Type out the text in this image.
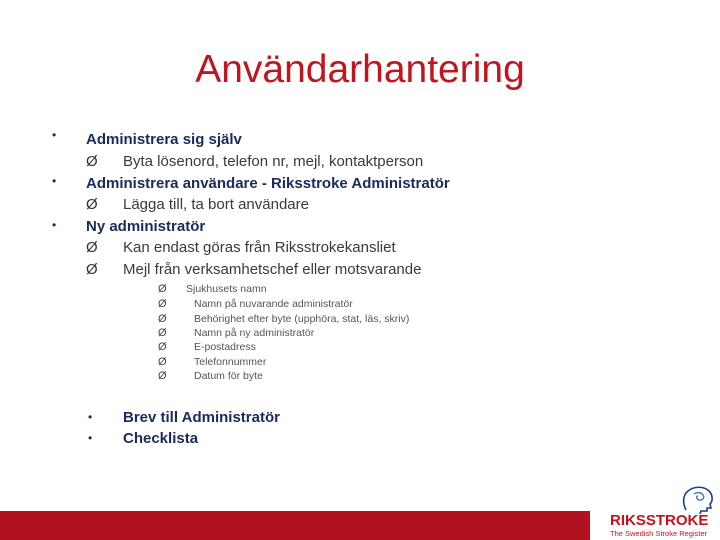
Användarhantering
•	Administrera sig själv
Ø Byta lösenord, telefon nr, mejl, kontaktperson
•	Administrera användare - Riksstroke Administratör
Ø Lägga till, ta bort användare
•	Ny administratör
Ø Kan endast göras från Riksstrokekansliet
Ø Mejl från verksamhetschef eller motsvarande
Ø Sjukhusets namn
Ø	Namn på nuvarande administratör
Ø	Behörighet efter byte (upphöra, stat, läs, skriv)
Ø	Namn på ny administratör
Ø	E-postadress
Ø	Telefonnummer
Ø	Datum för byte
• Brev till Administratör
• Checklista
RIKSSTROKE
The Swedish Stroke Register
